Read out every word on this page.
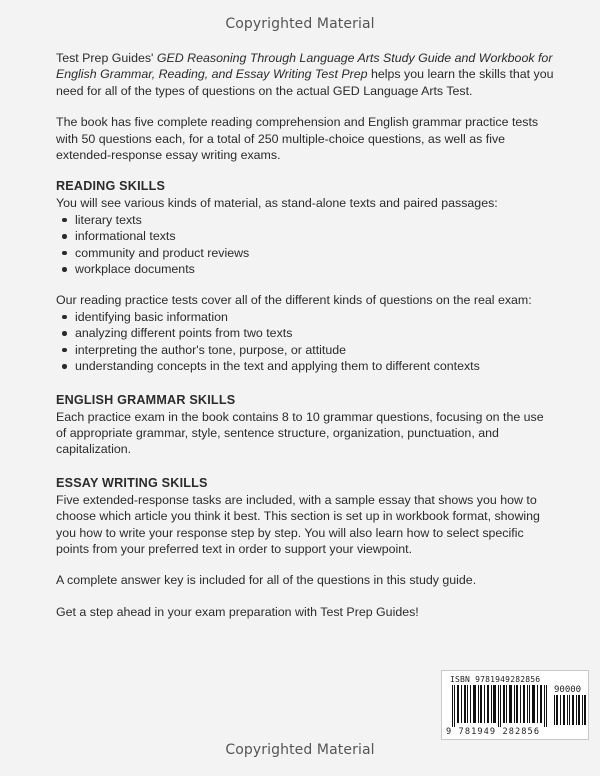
Copyrighted Material

Test Prep Guides' GED Reasoning Through Language Arts Study Guide and Workbook for English Grammar, Reading, and Essay Writing Test Prep helps you learn the skills that you need for all of the types of questions on the actual GED Language Arts Test.

The book has five complete reading comprehension and English grammar practice tests with 50 questions each, for a total of 250 multiple-choice questions, as well as five extended-response essay writing exams.

READING SKILLS
You will see various kinds of material, as stand-alone texts and paired passages:
literary texts
informational texts
community and product reviews
workplace documents
Our reading practice tests cover all of the different kinds of questions on the real exam:
identifying basic information
analyzing different points from two texts
interpreting the author's tone, purpose, or attitude
understanding concepts in the text and applying them to different contexts
ENGLISH GRAMMAR SKILLS

Each practice exam in the book contains 8 to 10 grammar questions, focusing on the use of appropriate grammar, style, sentence structure, organization, punctuation, and capitalization.

ESSAY WRITING SKILLS

Five extended-response tasks are included, with a sample essay that shows you how to choose which article you think it best. This section is set up in workbook format, showing you how to write your response step by step. You will also learn how to select specific points from your preferred text in order to support your viewpoint.

A complete answer key is included for all of the questions in this study guide.

Get a step ahead in your exam preparation with Test Prep Guides!

ISBN 9781949282856
90000
9 781949 282856
Copyrighted Material
